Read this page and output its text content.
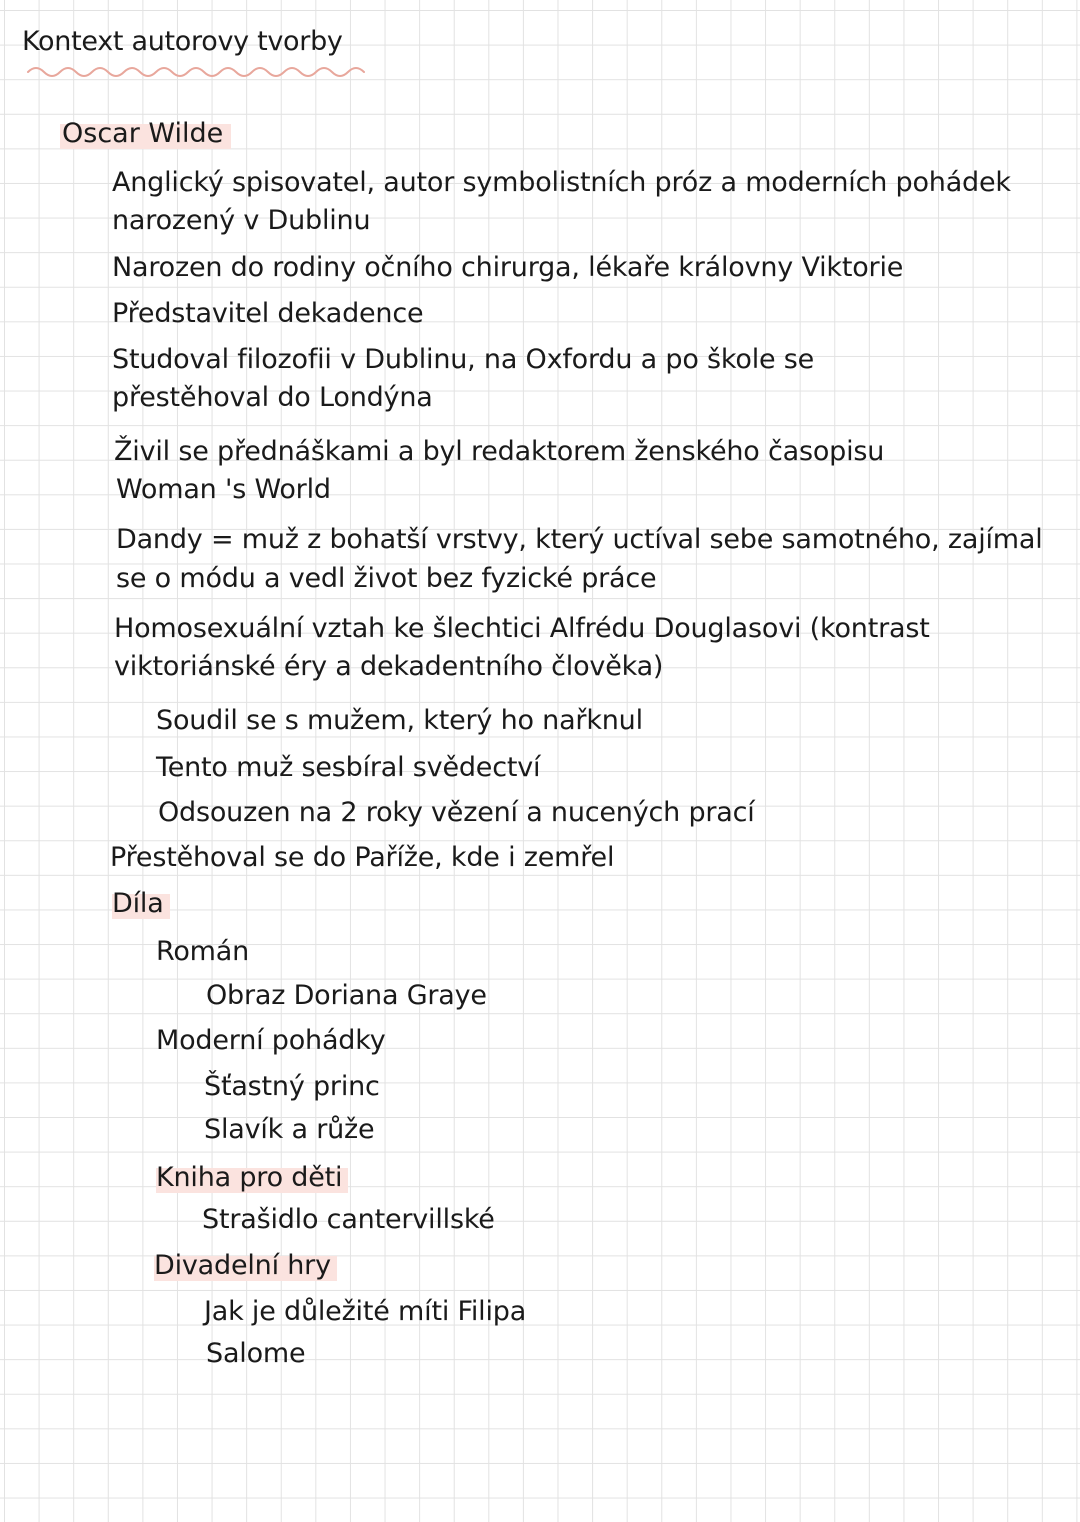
Kontext autorovy tvorby
Oscar Wilde
Anglický spisovatel, autor symbolistních próz a moderních pohádek
narozený v Dublinu
Narozen do rodiny očního chirurga, lékaře královny Viktorie
Představitel dekadence
Studoval filozofii v Dublinu, na Oxfordu a po škole se
přestěhoval do Londýna
Živil se přednáškami a byl redaktorem ženského časopisu
Woman 's World
Dandy = muž z bohatší vrstvy, který uctíval sebe samotného, zajímal
se o módu a vedl život bez fyzické práce
Homosexuální vztah ke šlechtici Alfrédu Douglasovi (kontrast
viktoriánské éry a dekadentního člověka)
Soudil se s mužem, který ho nařknul
Tento muž sesbíral svědectví
Odsouzen na 2 roky vězení a nucených prací
Přestěhoval se do Paříže, kde i zemřel
Díla
Román
Obraz Doriana Graye
Moderní pohádky
Šťastný princ
Slavík a růže
Kniha pro děti
Strašidlo cantervillské
Divadelní hry
Jak je důležité míti Filipa
Salome
